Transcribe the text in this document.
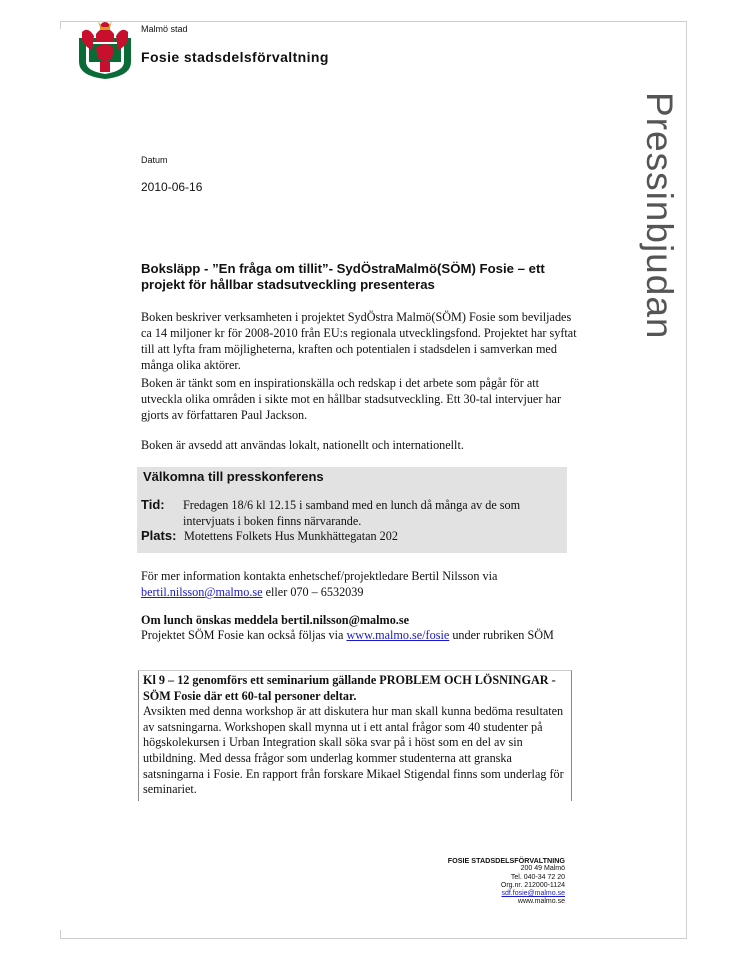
Malmö stad
Fosie stadsdelsförvaltning
Pressinbjudan
Datum
2010-06-16
Boksläpp - ”En fråga om tillit”- SydÖstraMalmö(SÖM) Fosie – ett projekt för hållbar stadsutveckling presenteras
Boken beskriver verksamheten i projektet SydÖstra Malmö(SÖM) Fosie som beviljades ca 14 miljoner kr för 2008-2010 från EU:s regionala utvecklingsfond. Projektet har syftat till att lyfta fram möjligheterna, kraften och potentialen i stadsdelen i samverkan med många olika aktörer.
Boken är tänkt som en inspirationskälla och redskap i det arbete som pågår för att utveckla olika områden i sikte mot en hållbar stadsutveckling. Ett 30-tal intervjuer har gjorts av författaren Paul Jackson.
Boken är avsedd att användas lokalt, nationellt och internationellt.
Välkomna till presskonferens
Tid: Fredagen 18/6 kl 12.15 i samband med en lunch då många av de som intervjuats i boken finns närvarande.
Plats: Motettens Folkets Hus Munkhättegatan 202
För mer information kontakta enhetschef/projektledare Bertil Nilsson via
bertil.nilsson@malmo.se eller 070 – 6532039
Om lunch önskas meddela bertil.nilsson@malmo.se
Projektet SÖM Fosie kan också följas via www.malmo.se/fosie under rubriken SÖM
Kl 9 – 12 genomförs ett seminarium gällande PROBLEM OCH LÖSNINGAR - SÖM Fosie där ett 60-tal personer deltar.
Avsikten med denna workshop är att diskutera hur man skall kunna bedöma resultaten av satsningarna. Workshopen skall mynna ut i ett antal frågor som 40 studenter på högskolekursen i Urban Integration skall söka svar på i höst som en del av sin utbildning. Med dessa frågor som underlag kommer studenterna att granska satsningarna i Fosie. En rapport från forskare Mikael Stigendal finns som underlag för seminariet.
FOSIE STADSDELSFÖRVALTNING
200 49 Malmö
Tel. 040-34 72 20
Org.nr. 212000-1124
sdf.fosie@malmo.se
www.malmo.se
